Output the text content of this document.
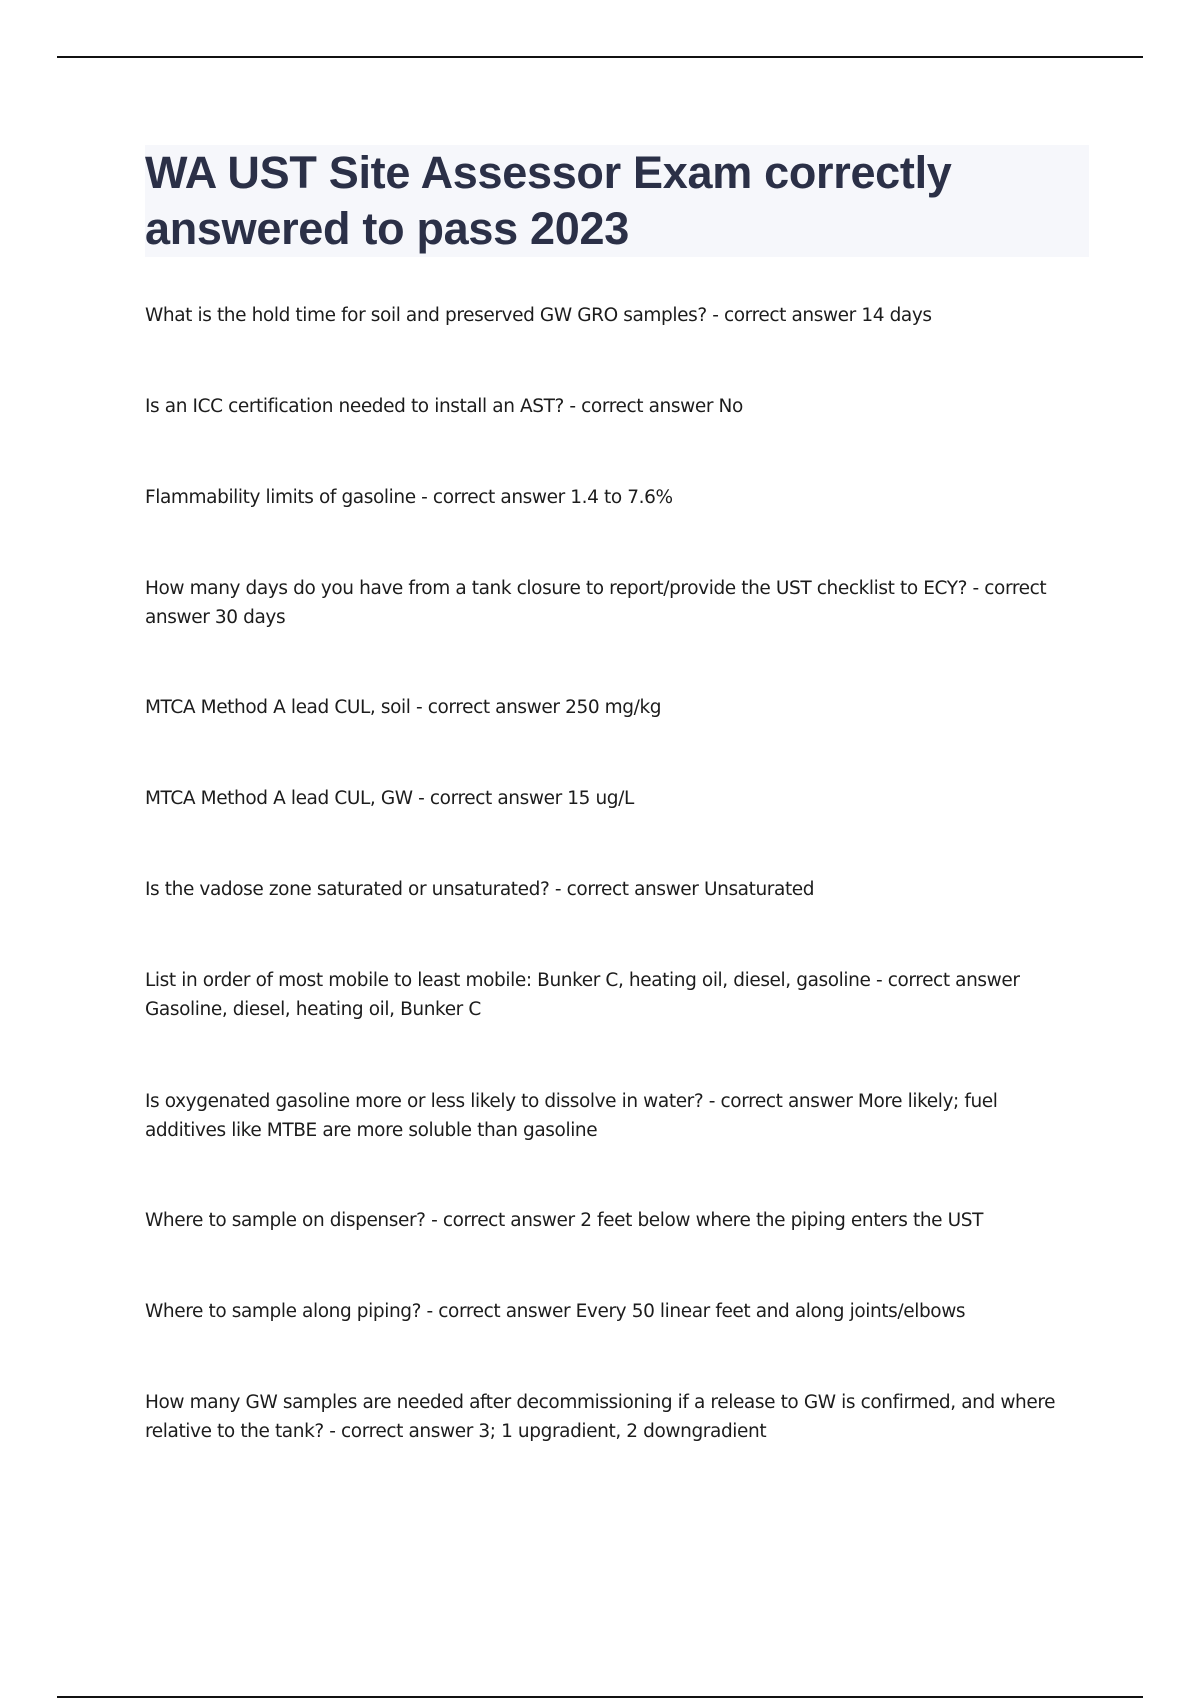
WA UST Site Assessor Exam correctly answered to pass 2023

What is the hold time for soil and preserved GW GRO samples? - correct answer 14 days

Is an ICC certification needed to install an AST? - correct answer No

Flammability limits of gasoline - correct answer 1.4 to 7.6%

How many days do you have from a tank closure to report/provide the UST checklist to ECY? - correct answer 30 days

MTCA Method A lead CUL, soil - correct answer 250 mg/kg

MTCA Method A lead CUL, GW - correct answer 15 ug/L

Is the vadose zone saturated or unsaturated? - correct answer Unsaturated

List in order of most mobile to least mobile: Bunker C, heating oil, diesel, gasoline - correct answer Gasoline, diesel, heating oil, Bunker C

Is oxygenated gasoline more or less likely to dissolve in water? - correct answer More likely; fuel additives like MTBE are more soluble than gasoline

Where to sample on dispenser? - correct answer 2 feet below where the piping enters the UST

Where to sample along piping? - correct answer Every 50 linear feet and along joints/elbows

How many GW samples are needed after decommissioning if a release to GW is confirmed, and where relative to the tank? - correct answer 3; 1 upgradient, 2 downgradient
